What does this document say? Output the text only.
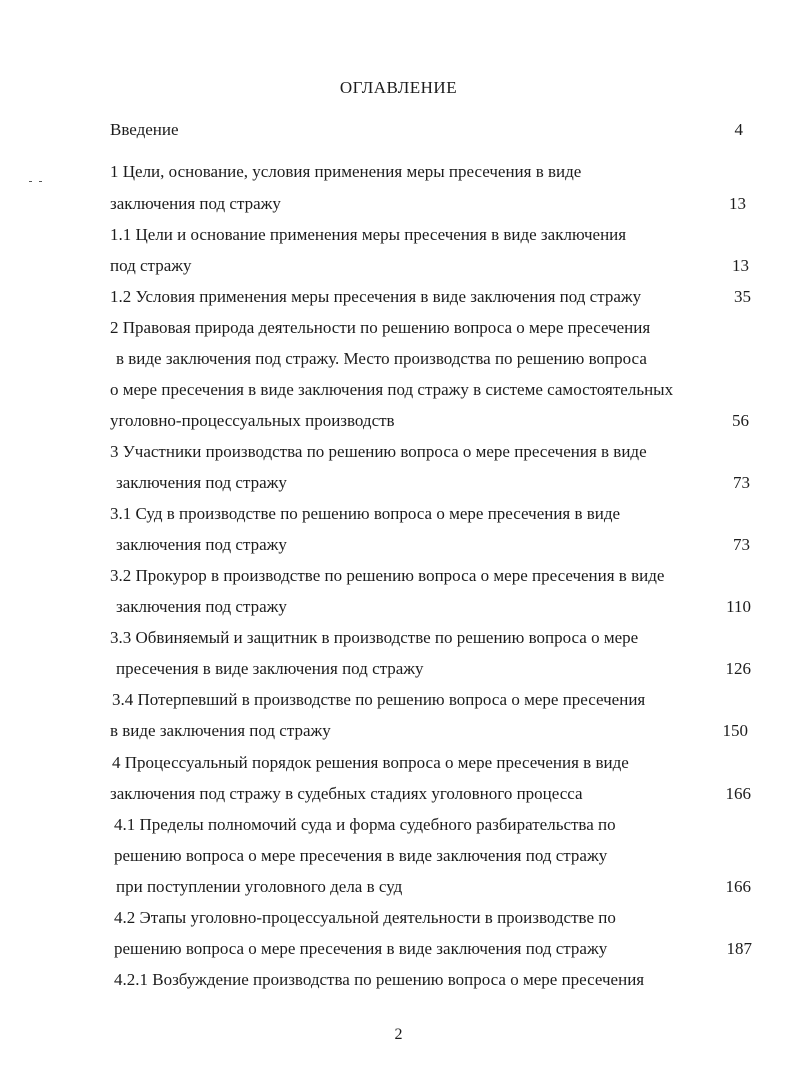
ОГЛАВЛЕНИЕ
Введение	4
1 Цели, основание, условия применения меры пресечения в виде
заключения под стражу	13
1.1 Цели и основание применения меры пресечения в виде заключения
под стражу	13
1.2 Условия применения меры пресечения в виде заключения под стражу	35
2 Правовая природа деятельности по решению вопроса о мере пресечения
в виде заключения под стражу. Место производства по решению вопроса
о мере пресечения в виде заключения под стражу в системе самостоятельных
уголовно-процессуальных производств	56
3 Участники производства по решению вопроса о мере пресечения в виде
заключения под стражу	73
3.1 Суд в производстве по решению вопроса о мере пресечения в виде
заключения под стражу	73
3.2 Прокурор в производстве по решению вопроса о мере пресечения в виде
заключения под стражу	110
3.3 Обвиняемый и защитник в производстве по решению вопроса о мере
пресечения в виде заключения под стражу	126
3.4 Потерпевший в производстве по решению вопроса о мере пресечения
в виде заключения под стражу	150
4 Процессуальный порядок решения вопроса о мере пресечения в виде
заключения под стражу в судебных стадиях уголовного процесса	166
4.1 Пределы полномочий суда и форма судебного разбирательства по
решению вопроса о мере пресечения в виде заключения под стражу
при поступлении уголовного дела в суд	166
4.2 Этапы уголовно-процессуальной деятельности в производстве по
решению вопроса о мере пресечения в виде заключения под стражу	187
4.2.1 Возбуждение производства по решению вопроса о мере пресечения
2
